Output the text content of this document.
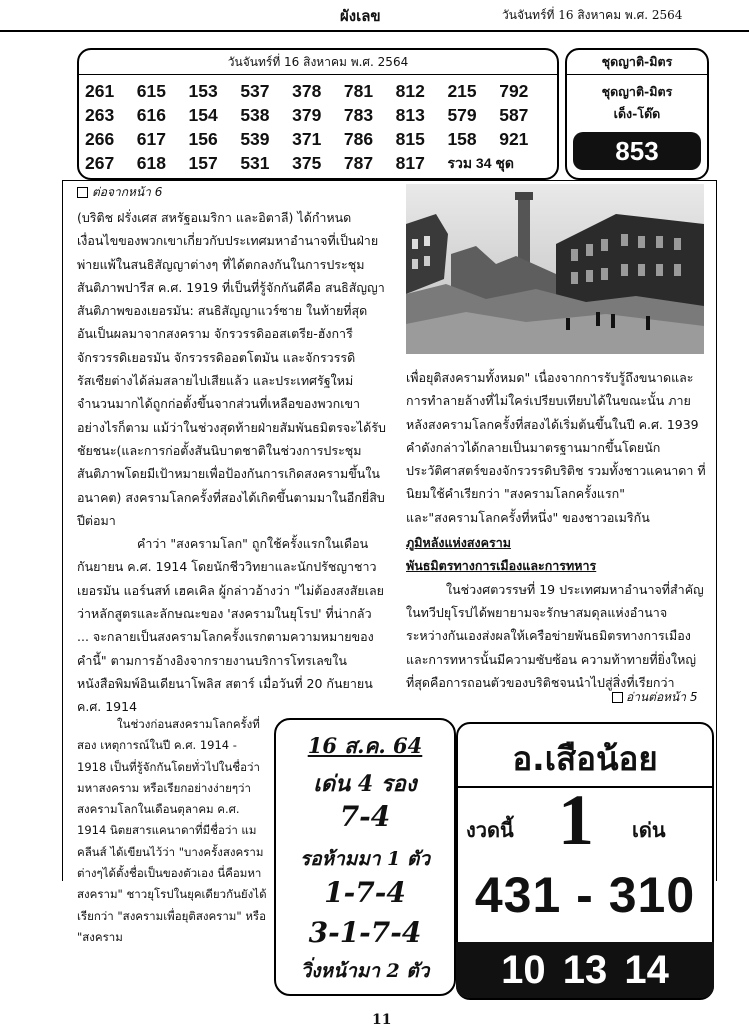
ผังเลข	วันจันทร์ที่ 16 สิงหาคม พ.ศ. 2564
วันจันทร์ที่ 16 สิงหาคม พ.ศ. 2564
261	615	153	537	378	781	812	215	792
263	616	154	538	379	783	813	579	587
266	617	156	539	371	786	815	158	921
267	618	157	531	375	787	817	รวม 34 ชุด
ชุดญาติ-มิตร
ชุดญาติ-มิตร
เด็ง-โด๊ด
853
ต่อจากหน้า 6

(บริติช ฝรั่งเศส สหรัฐอเมริกา และอิตาลี) ได้กำหนดเงื่อนไขของพวกเขาเกี่ยวกับประเทศมหาอำนาจที่เป็นฝ่ายพ่ายแพ้ในสนธิสัญญาต่างๆ ที่ได้ตกลงกันในการประชุมสันติภาพปารีส ค.ศ. 1919 ที่เป็นที่รู้จักกันดีคือ สนธิสัญญาสันติภาพของเยอรมัน: สนธิสัญญาแวร์ซาย ในท้ายที่สุด อันเป็นผลมาจากสงคราม จักรวรรดิออสเตรีย-ฮังการี จักรวรรดิเยอรมัน จักรวรรดิออตโตมัน และจักรวรรดิรัสเซียต่างได้ล่มสลายไปเสียแล้ว และประเทศรัฐใหม่จำนวนมากได้ถูกก่อตั้งขึ้นจากส่วนที่เหลือของพวกเขา อย่างไรก็ตาม แม้ว่าในช่วงสุดท้ายฝ่ายสัมพันธมิตรจะได้รับชัยชนะ(และการก่อตั้งสันนิบาตชาติในช่วงการประชุมสันติภาพโดยมีเป้าหมายเพื่อป้องกันการเกิดสงครามขึ้นในอนาคต) สงครามโลกครั้งที่สองได้เกิดขึ้นตามมาในอีกยี่สิบปีต่อมา

คำว่า "สงครามโลก" ถูกใช้ครั้งแรกในเดือนกันยายน ค.ศ. 1914 โดยนักชีววิทยาและนักปรัชญาชาวเยอรมัน แอร์นสท์ เฮคเคิล ผู้กล่าวอ้างว่า "ไม่ต้องสงสัยเลยว่าหลักสูตรและลักษณะของ 'สงครามในยุโรป' ที่น่ากลัว ... จะกลายเป็นสงครามโลกครั้งแรกตามความหมายของคำนี้" ตามการอ้างอิงจากรายงานบริการโทรเลขในหนังสือพิมพ์อินเดียนาโพลิส สตาร์ เมื่อวันที่ 20 กันยายน ค.ศ. 1914

เพื่อยุติสงครามทั้งหมด" เนื่องจากการรับรู้ถึงขนาดและการทำลายล้างที่ไม่ใคร่เปรียบเทียบได้ในขณะนั้น ภายหลังสงครามโลกครั้งที่สองได้เริ่มต้นขึ้นในปี ค.ศ. 1939 คำดังกล่าวได้กลายเป็นมาตรฐานมากขึ้นโดยนักประวัติศาสตร์ของจักรวรรดิบริติช รวมทั้งชาวแคนาดา ที่นิยมใช้คำเรียกว่า "สงครามโลกครั้งแรก" และ"สงครามโลกครั้งที่หนึ่ง" ของชาวอเมริกัน

ภูมิหลังแห่งสงคราม

พันธมิตรทางการเมืองและการทหาร

ในช่วงศตวรรษที่ 19 ประเทศมหาอำนาจที่สำคัญในทวีปยุโรปได้พยายามจะรักษาสมดุลแห่งอำนาจระหว่างกันเองส่งผลให้เครือข่ายพันธมิตรทางการเมืองและการทหารนั้นมีความซับซ้อน ความท้าทายที่ยิ่งใหญ่ที่สุดคือการถอนตัวของบริติชจนนำไปสู่สิ่งที่เรียกว่า

อ่านต่อหน้า 5
ในช่วงก่อนสงครามโลกครั้งที่สอง เหตุการณ์ในปี ค.ศ. 1914 - 1918 เป็นที่รู้จักกันโดยทั่วไปในชื่อว่า มหาสงคราม หรือเรียกอย่างง่ายๆว่า สงครามโลกในเดือนตุลาคม ค.ศ. 1914 นิตยสารแคนาดาที่มีชื่อว่า แมคลีนส์ ได้เขียนไว้ว่า "บางครั้งสงครามต่างๆได้ตั้งชื่อเป็นของตัวเอง นี่คือมหาสงคราม" ชาวยุโรปในยุคเดียวกันยังได้เรียกว่า "สงครามเพื่อยุติสงคราม" หรือ "สงคราม
16 ส.ค. 64
เด่น 4 รอง
7-4
รอห้ามมา 1 ตัว
1-7-4
3-1-7-4
วิ่งหน้ามา 2 ตัว
อ.เสือน้อย
งวดนี้ 1 เด่น
431 - 310
10 13 14
11
